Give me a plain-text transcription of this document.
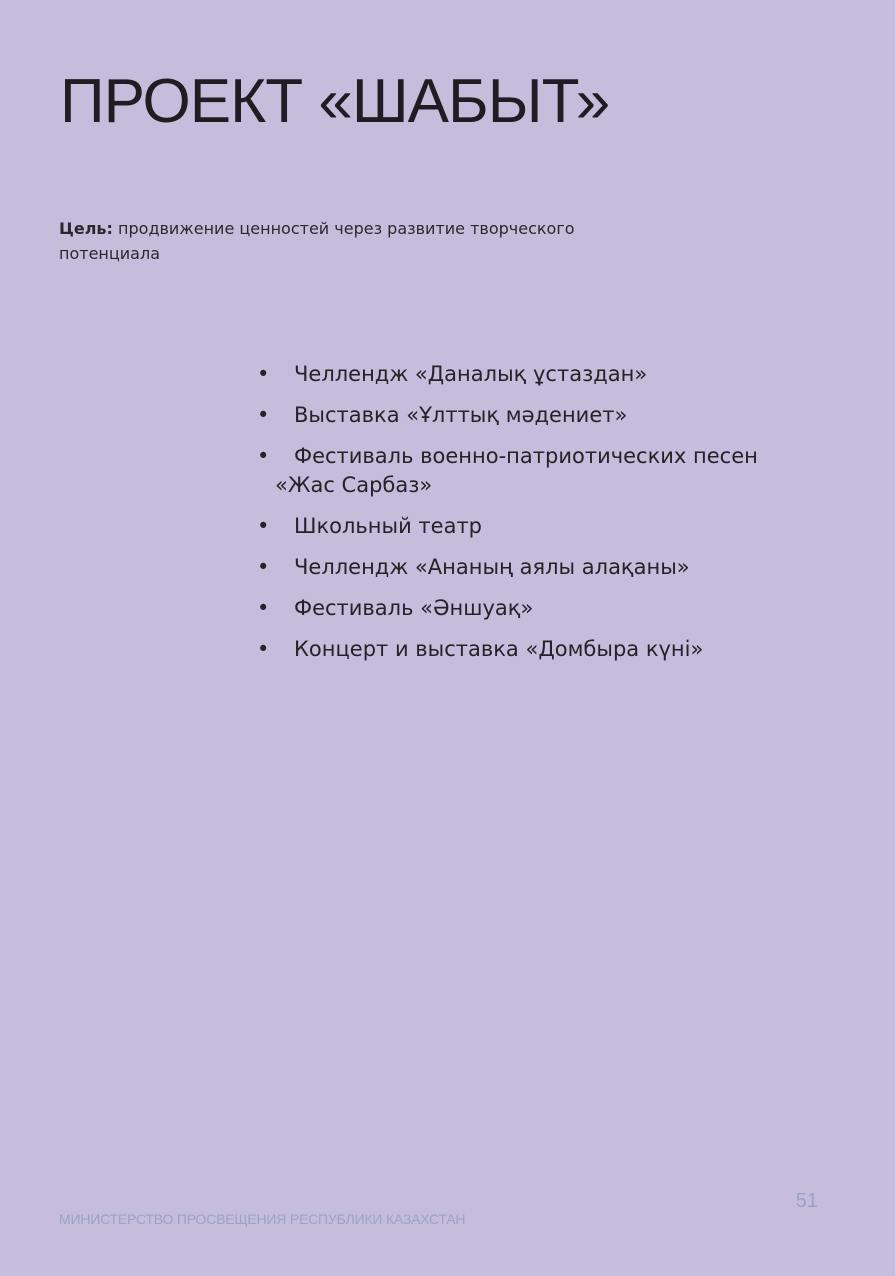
ПРОЕКТ «ШАБЫТ»

Цель: продвижение ценностей через развитие творческого потенциала

• Челлендж «Даналық ұстаздан»
• Выставка «Ұлттық мәдениет»
• Фестиваль военно-патриотических песен
«Жас Сарбаз»
• Школьный театр
• Челлендж «Ананың аялы алақаны»
• Фестиваль «Әншуақ»
• Концерт и выставка «Домбыра күні»
51
МИНИСТЕРСТВО ПРОСВЕЩЕНИЯ РЕСПУБЛИКИ КАЗАХСТАН
